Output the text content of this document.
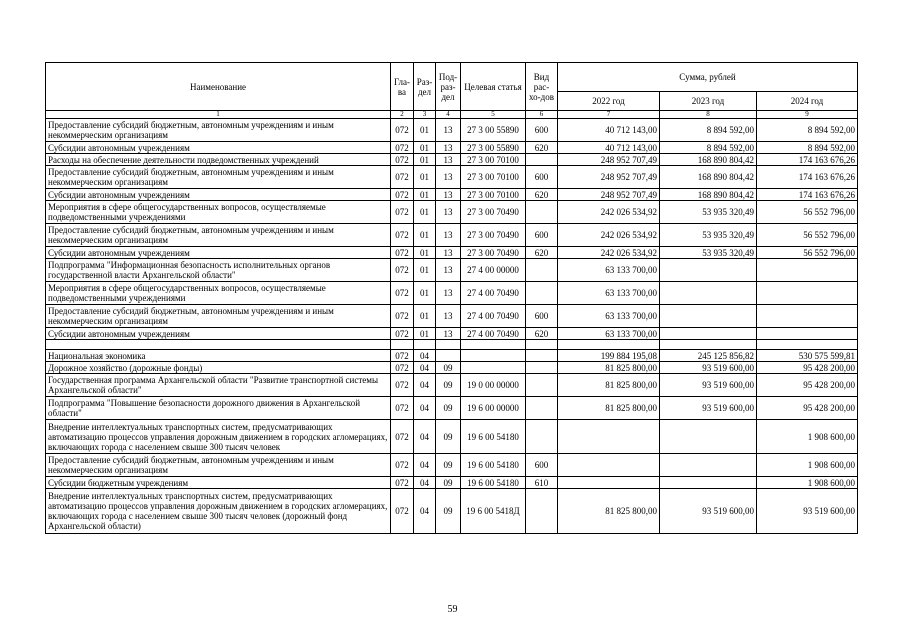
Наименование	Гла-ва	Раз-дел	Под-раз-дел	Целевая статья	Вид рас-хо-дов	Сумма, рублей		
						2022 год	2023 год	2024 год
1	2	3	4	5	6	7	8	9
Предоставление субсидий бюджетным, автономным учреждениям и иным некоммерческим организациям	072	01	13	27 3 00 55890	600	40 712 143,00	8 894 592,00	8 894 592,00
Субсидии автономным учреждениям	072	01	13	27 3 00 55890	620	40 712 143,00	8 894 592,00	8 894 592,00
Расходы на обеспечение деятельности подведомственных учреждений	072	01	13	27 3 00 70100		248 952 707,49	168 890 804,42	174 163 676,26
Предоставление субсидий бюджетным, автономным учреждениям и иным некоммерческим организациям	072	01	13	27 3 00 70100	600	248 952 707,49	168 890 804,42	174 163 676,26
Субсидии автономным учреждениям	072	01	13	27 3 00 70100	620	248 952 707,49	168 890 804,42	174 163 676,26
Мероприятия в сфере общегосударственных вопросов, осуществляемые подведомственными учреждениями	072	01	13	27 3 00 70490		242 026 534,92	53 935 320,49	56 552 796,00
Предоставление субсидий бюджетным, автономным учреждениям и иным некоммерческим организациям	072	01	13	27 3 00 70490	600	242 026 534,92	53 935 320,49	56 552 796,00
Субсидии автономным учреждениям	072	01	13	27 3 00 70490	620	242 026 534,92	53 935 320,49	56 552 796,00
Подпрограмма "Информационная безопасность исполнительных органов государственной власти Архангельской области"	072	01	13	27 4 00 00000		63 133 700,00		
Мероприятия в сфере общегосударственных вопросов, осуществляемые подведомственными учреждениями	072	01	13	27 4 00 70490		63 133 700,00		
Предоставление субсидий бюджетным, автономным учреждениям и иным некоммерческим организациям	072	01	13	27 4 00 70490	600	63 133 700,00		
Субсидии автономным учреждениям	072	01	13	27 4 00 70490	620	63 133 700,00		

Национальная экономика	072	04				199 884 195,08	245 125 856,82	530 575 599,81
Дорожное хозяйство (дорожные фонды)	072	04	09			81 825 800,00	93 519 600,00	95 428 200,00
Государственная программа Архангельской области "Развитие транспортной системы Архангельской области"	072	04	09	19 0 00 00000		81 825 800,00	93 519 600,00	95 428 200,00
Подпрограмма "Повышение безопасности дорожного движения в Архангельской области"	072	04	09	19 6 00 00000		81 825 800,00	93 519 600,00	95 428 200,00
Внедрение интеллектуальных транспортных систем, предусматривающих автоматизацию процессов управления дорожным движением в городских агломерациях, включающих города с населением свыше 300 тысяч человек	072	04	09	19 6 00 54180				1 908 600,00
Предоставление субсидий бюджетным, автономным учреждениям и иным некоммерческим организациям	072	04	09	19 6 00 54180	600			1 908 600,00
Субсидии бюджетным учреждениям	072	04	09	19 6 00 54180	610			1 908 600,00
Внедрение интеллектуальных транспортных систем, предусматривающих автоматизацию процессов управления дорожным движением в городских агломерациях, включающих города с населением свыше 300 тысяч человек (дорожный фонд Архангельской области)	072	04	09	19 6 00 5418Д		81 825 800,00	93 519 600,00	93 519 600,00
59
